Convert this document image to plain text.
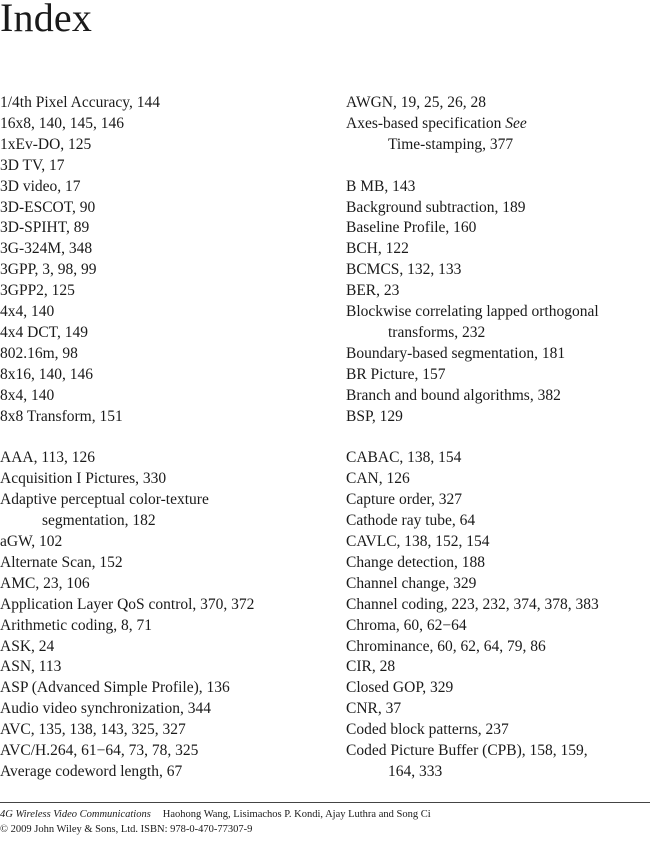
Index
1/4th Pixel Accuracy, 144
16x8, 140, 145, 146
1xEv-DO, 125
3D TV, 17
3D video, 17
3D-ESCOT, 90
3D-SPIHT, 89
3G-324M, 348
3GPP, 3, 98, 99
3GPP2, 125
4x4, 140
4x4 DCT, 149
802.16m, 98
8x16, 140, 146
8x4, 140
8x8 Transform, 151
AAA, 113, 126
Acquisition I Pictures, 330
Adaptive perceptual color-texture
segmentation, 182
aGW, 102
Alternate Scan, 152
AMC, 23, 106
Application Layer QoS control, 370, 372
Arithmetic coding, 8, 71
ASK, 24
ASN, 113
ASP (Advanced Simple Profile), 136
Audio video synchronization, 344
AVC, 135, 138, 143, 325, 327
AVC/H.264, 61−64, 73, 78, 325
Average codeword length, 67
AWGN, 19, 25, 26, 28
Axes-based specification See
Time-stamping, 377
B MB, 143
Background subtraction, 189
Baseline Profile, 160
BCH, 122
BCMCS, 132, 133
BER, 23
Blockwise correlating lapped orthogonal
transforms, 232
Boundary-based segmentation, 181
BR Picture, 157
Branch and bound algorithms, 382
BSP, 129
CABAC, 138, 154
CAN, 126
Capture order, 327
Cathode ray tube, 64
CAVLC, 138, 152, 154
Change detection, 188
Channel change, 329
Channel coding, 223, 232, 374, 378, 383
Chroma, 60, 62−64
Chrominance, 60, 62, 64, 79, 86
CIR, 28
Closed GOP, 329
CNR, 37
Coded block patterns, 237
Coded Picture Buffer (CPB), 158, 159,
164, 333
4G Wireless Video Communications Haohong Wang, Lisimachos P. Kondi, Ajay Luthra and Song Ci
© 2009 John Wiley & Sons, Ltd. ISBN: 978-0-470-77307-9
